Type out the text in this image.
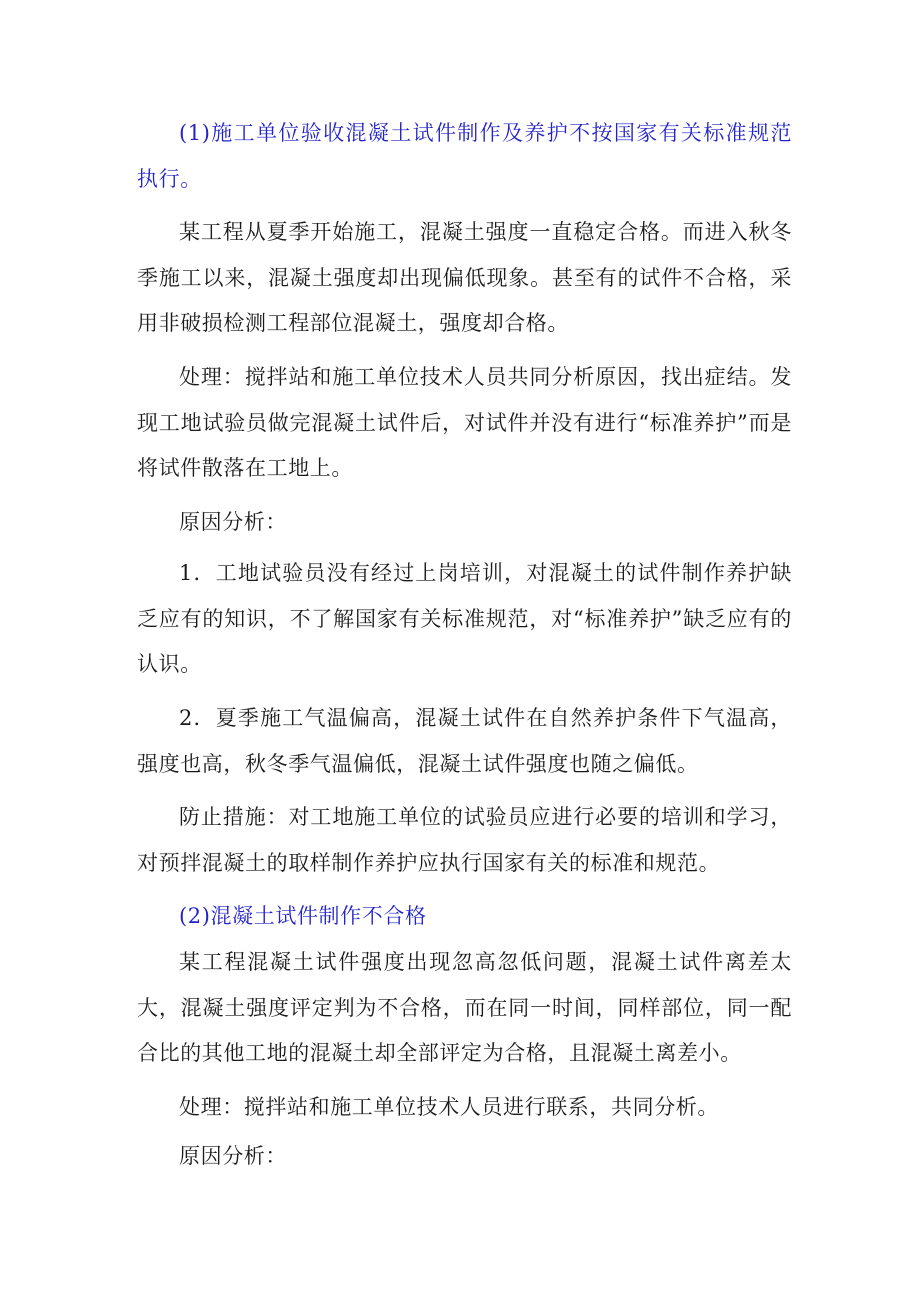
(1)施工单位验收混凝土试件制作及养护不按国家有关标准规范执行。

某工程从夏季开始施工，混凝土强度一直稳定合格。而进入秋冬季施工以来，混凝土强度却出现偏低现象。甚至有的试件不合格，采用非破损检测工程部位混凝土，强度却合格。

处理：搅拌站和施工单位技术人员共同分析原因，找出症结。发现工地试验员做完混凝土试件后，对试件并没有进行“标准养护”而是将试件散落在工地上。

原因分析：

1．工地试验员没有经过上岗培训，对混凝土的试件制作养护缺乏应有的知识，不了解国家有关标准规范，对“标准养护”缺乏应有的认识。

2．夏季施工气温偏高，混凝土试件在自然养护条件下气温高，强度也高，秋冬季气温偏低，混凝土试件强度也随之偏低。

防止措施：对工地施工单位的试验员应进行必要的培训和学习，对预拌混凝土的取样制作养护应执行国家有关的标准和规范。

(2)混凝土试件制作不合格

某工程混凝土试件强度出现忽高忽低问题，混凝土试件离差太大，混凝土强度评定判为不合格，而在同一时间，同样部位，同一配合比的其他工地的混凝土却全部评定为合格，且混凝土离差小。

处理：搅拌站和施工单位技术人员进行联系，共同分析。

原因分析：
